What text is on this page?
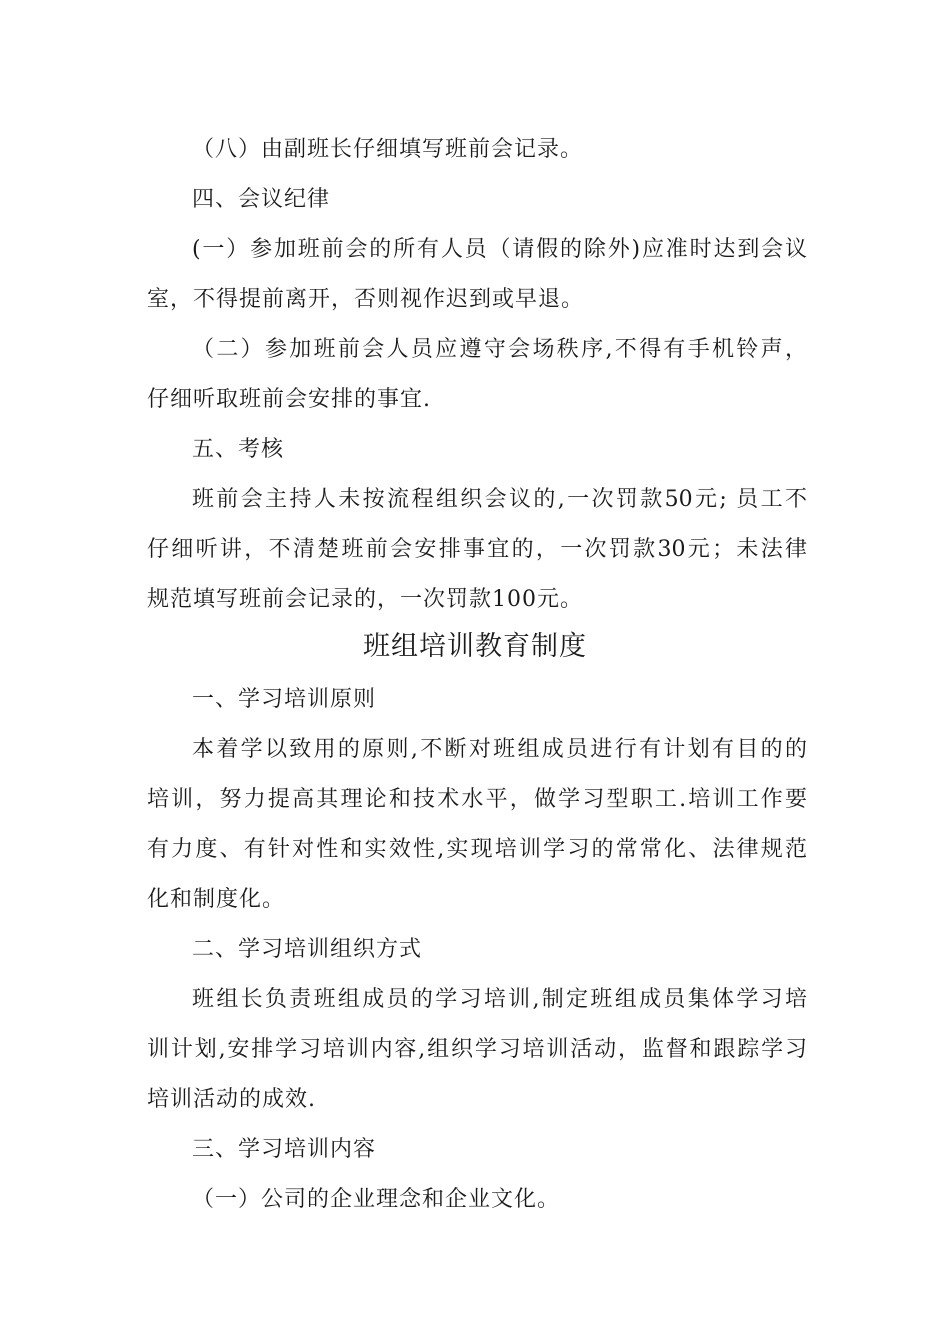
（八）由副班长仔细填写班前会记录。
四、会议纪律
(一）参加班前会的所有人员（请假的除外)应准时达到会议
室，不得提前离开，否则视作迟到或早退。
（二）参加班前会人员应遵守会场秩序,不得有手机铃声，
仔细听取班前会安排的事宜.
五、考核
班前会主持人未按流程组织会议的,一次罚款50元; 员工不
仔细听讲，不清楚班前会安排事宜的，一次罚款30元；未法律
规范填写班前会记录的，一次罚款100元。
班组培训教育制度
一、学习培训原则
本着学以致用的原则,不断对班组成员进行有计划有目的的
培训，努力提高其理论和技术水平，做学习型职工.培训工作要
有力度、有针对性和实效性,实现培训学习的常常化、法律规范
化和制度化。
二、学习培训组织方式
班组长负责班组成员的学习培训,制定班组成员集体学习培
训计划,安排学习培训内容,组织学习培训活动，监督和跟踪学习
培训活动的成效.
三、学习培训内容
（一）公司的企业理念和企业文化。
